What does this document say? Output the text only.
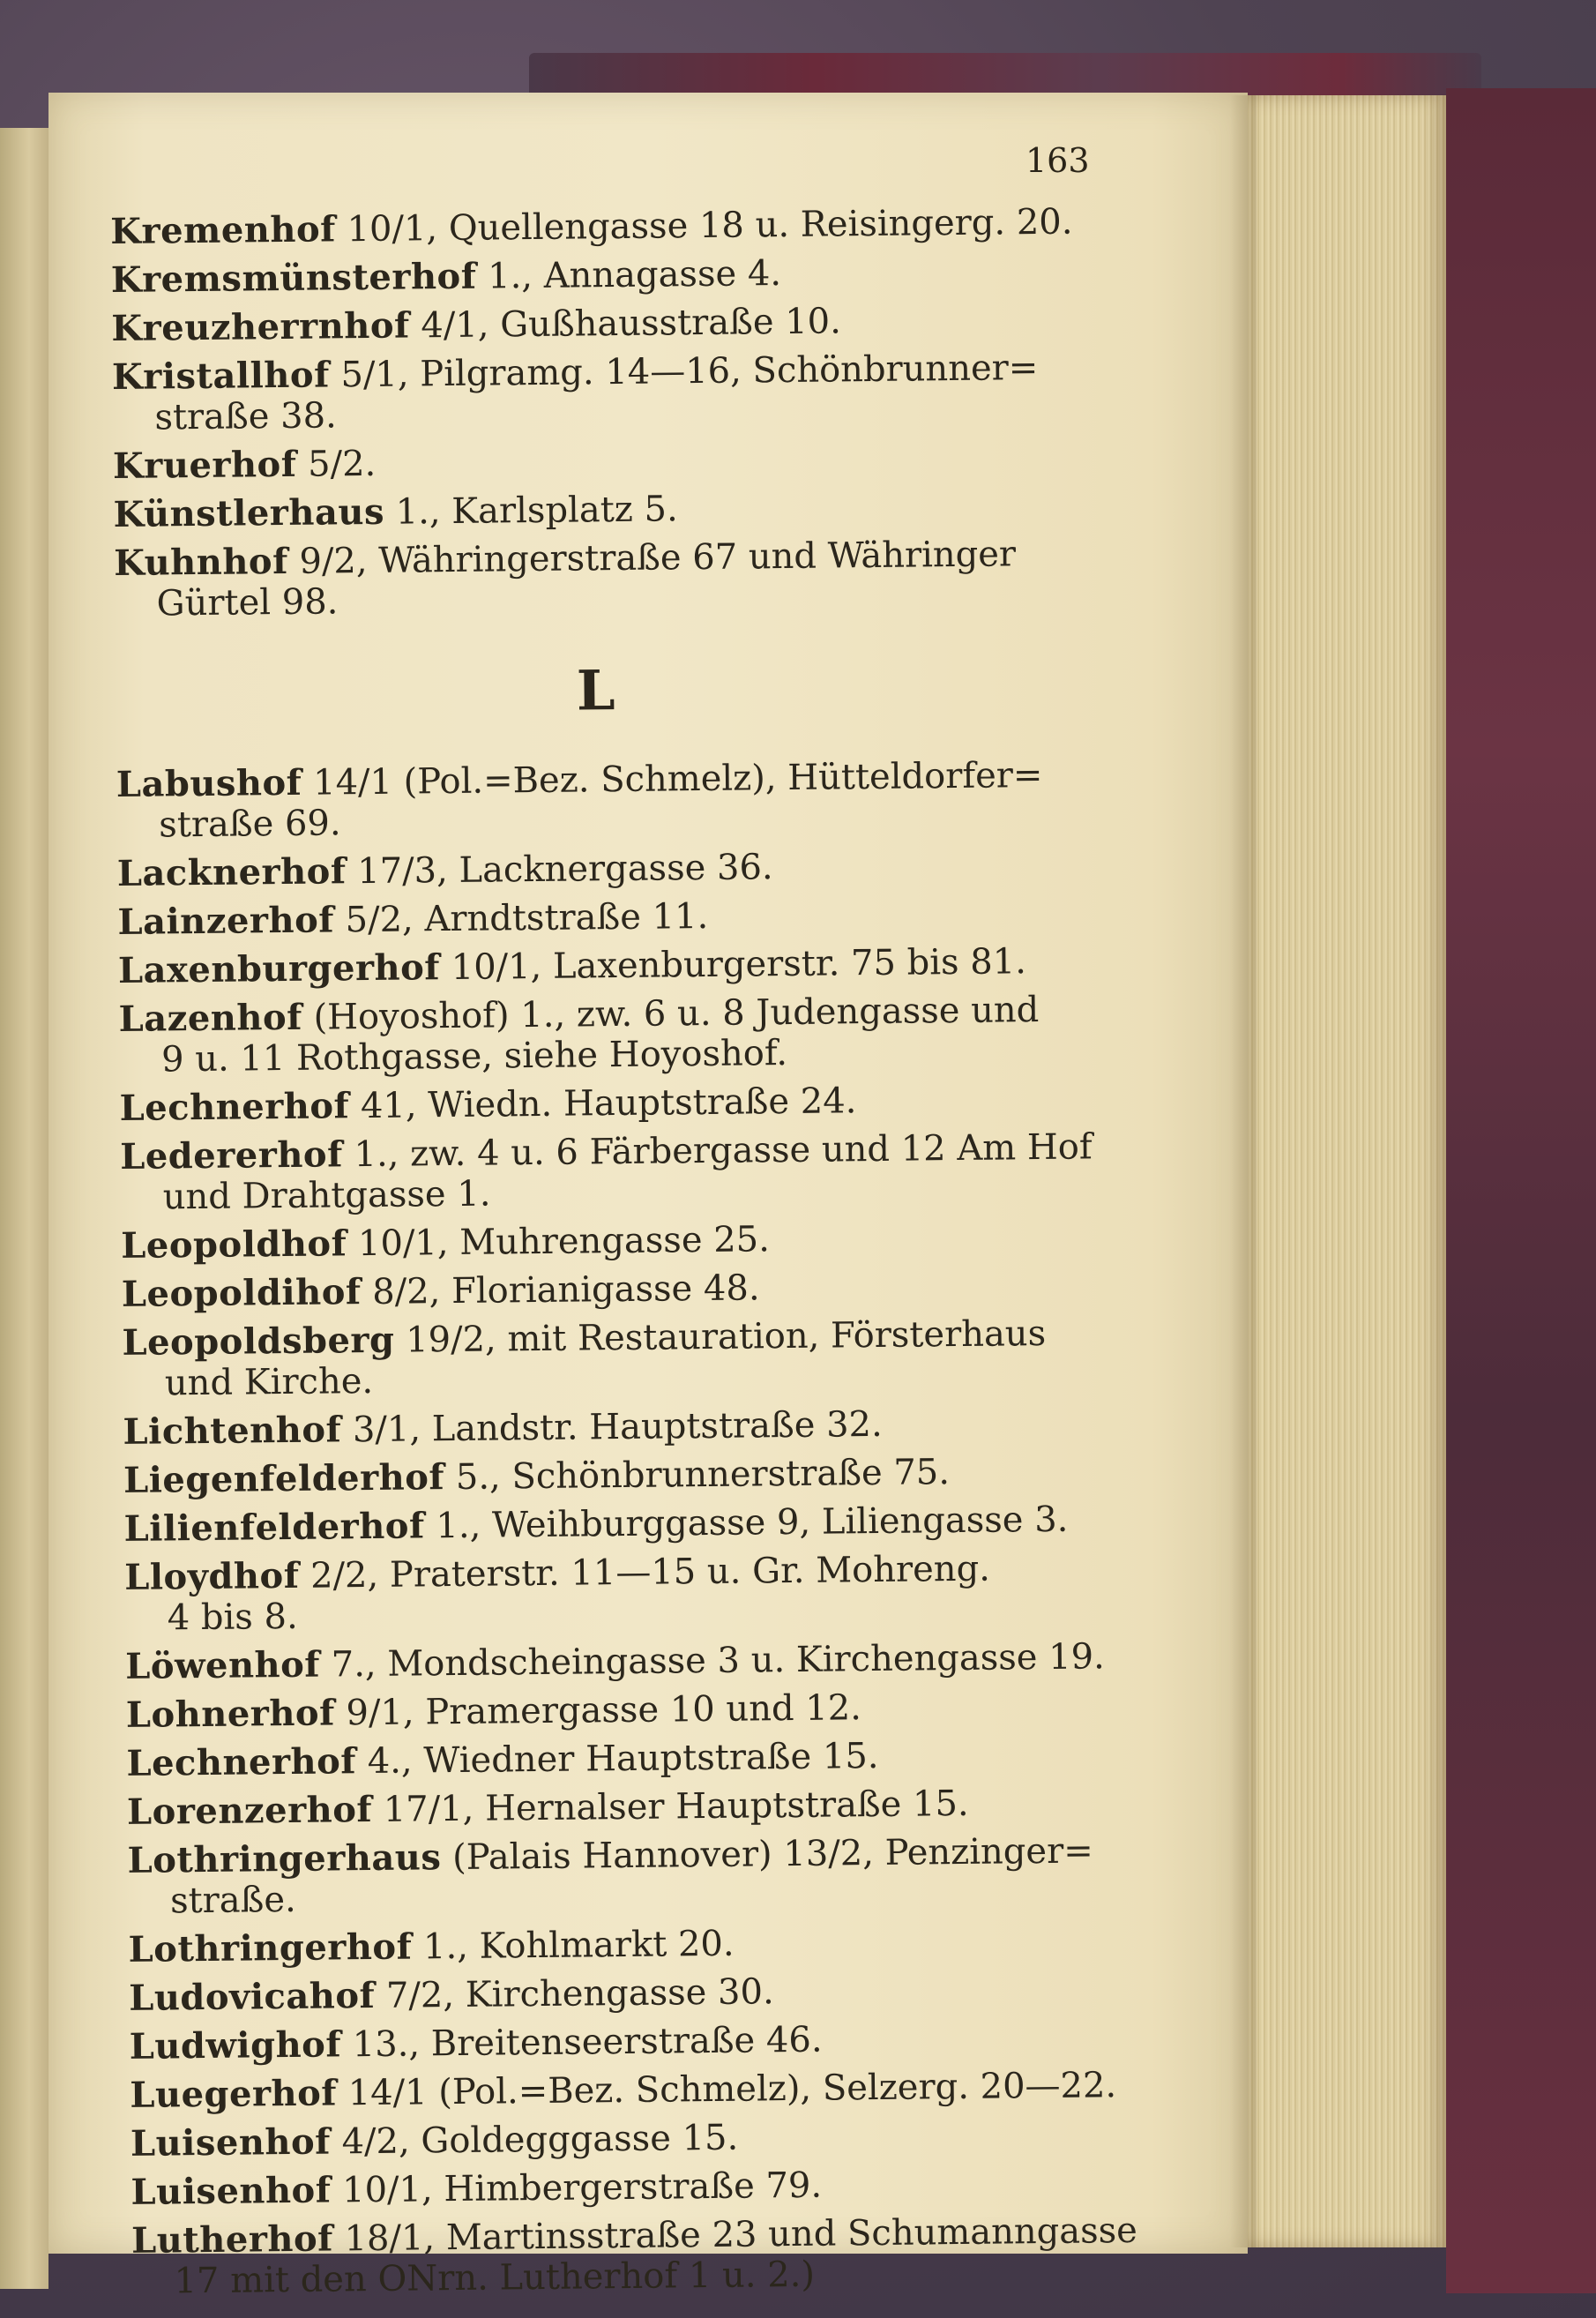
163
Kremenhof 10/1, Quellengasse 18 u. Reisingerg. 20.
Kremsmünsterhof 1., Annagasse 4.
Kreuzherrnhof 4/1, Gußhausstraße 10.
Kristallhof 5/1, Pilgramg. 14—16, Schönbrunner=
straße 38.
Kruerhof 5/2.
Künstlerhaus 1., Karlsplatz 5.
Kuhnhof 9/2, Währingerstraße 67 und Währinger
Gürtel 98.
L
Labushof 14/1 (Pol.=Bez. Schmelz), Hütteldorfer=
straße 69.
Lacknerhof 17/3, Lacknergasse 36.
Lainzerhof 5/2, Arndtstraße 11.
Laxenburgerhof 10/1, Laxenburgerstr. 75 bis 81.
Lazenhof (Hoyoshof) 1., zw. 6 u. 8 Judengasse und
9 u. 11 Rothgasse, siehe Hoyoshof.
Lechnerhof 41, Wiedn. Hauptstraße 24.
Ledererhof 1., zw. 4 u. 6 Färbergasse und 12 Am Hof
und Drahtgasse 1.
Leopoldhof 10/1, Muhrengasse 25.
Leopoldihof 8/2, Florianigasse 48.
Leopoldsberg 19/2, mit Restauration, Försterhaus
und Kirche.
Lichtenhof 3/1, Landstr. Hauptstraße 32.
Liegenfelderhof 5., Schönbrunnerstraße 75.
Lilienfelderhof 1., Weihburggasse 9, Liliengasse 3.
Lloydhof 2/2, Praterstr. 11—15 u. Gr. Mohreng.
4 bis 8.
Löwenhof 7., Mondscheingasse 3 u. Kirchengasse 19.
Lohnerhof 9/1, Pramergasse 10 und 12.
Lechnerhof 4., Wiedner Hauptstraße 15.
Lorenzerhof 17/1, Hernalser Hauptstraße 15.
Lothringerhaus (Palais Hannover) 13/2, Penzinger=
straße.
Lothringerhof 1., Kohlmarkt 20.
Ludovicahof 7/2, Kirchengasse 30.
Ludwighof 13., Breitenseerstraße 46.
Luegerhof 14/1 (Pol.=Bez. Schmelz), Selzerg. 20—22.
Luisenhof 4/2, Goldegggasse 15.
Luisenhof 10/1, Himbergerstraße 79.
Lutherhof 18/1, Martinsstraße 23 und Schumanngasse
17 mit den ONrn. Lutherhof 1 u. 2.)
